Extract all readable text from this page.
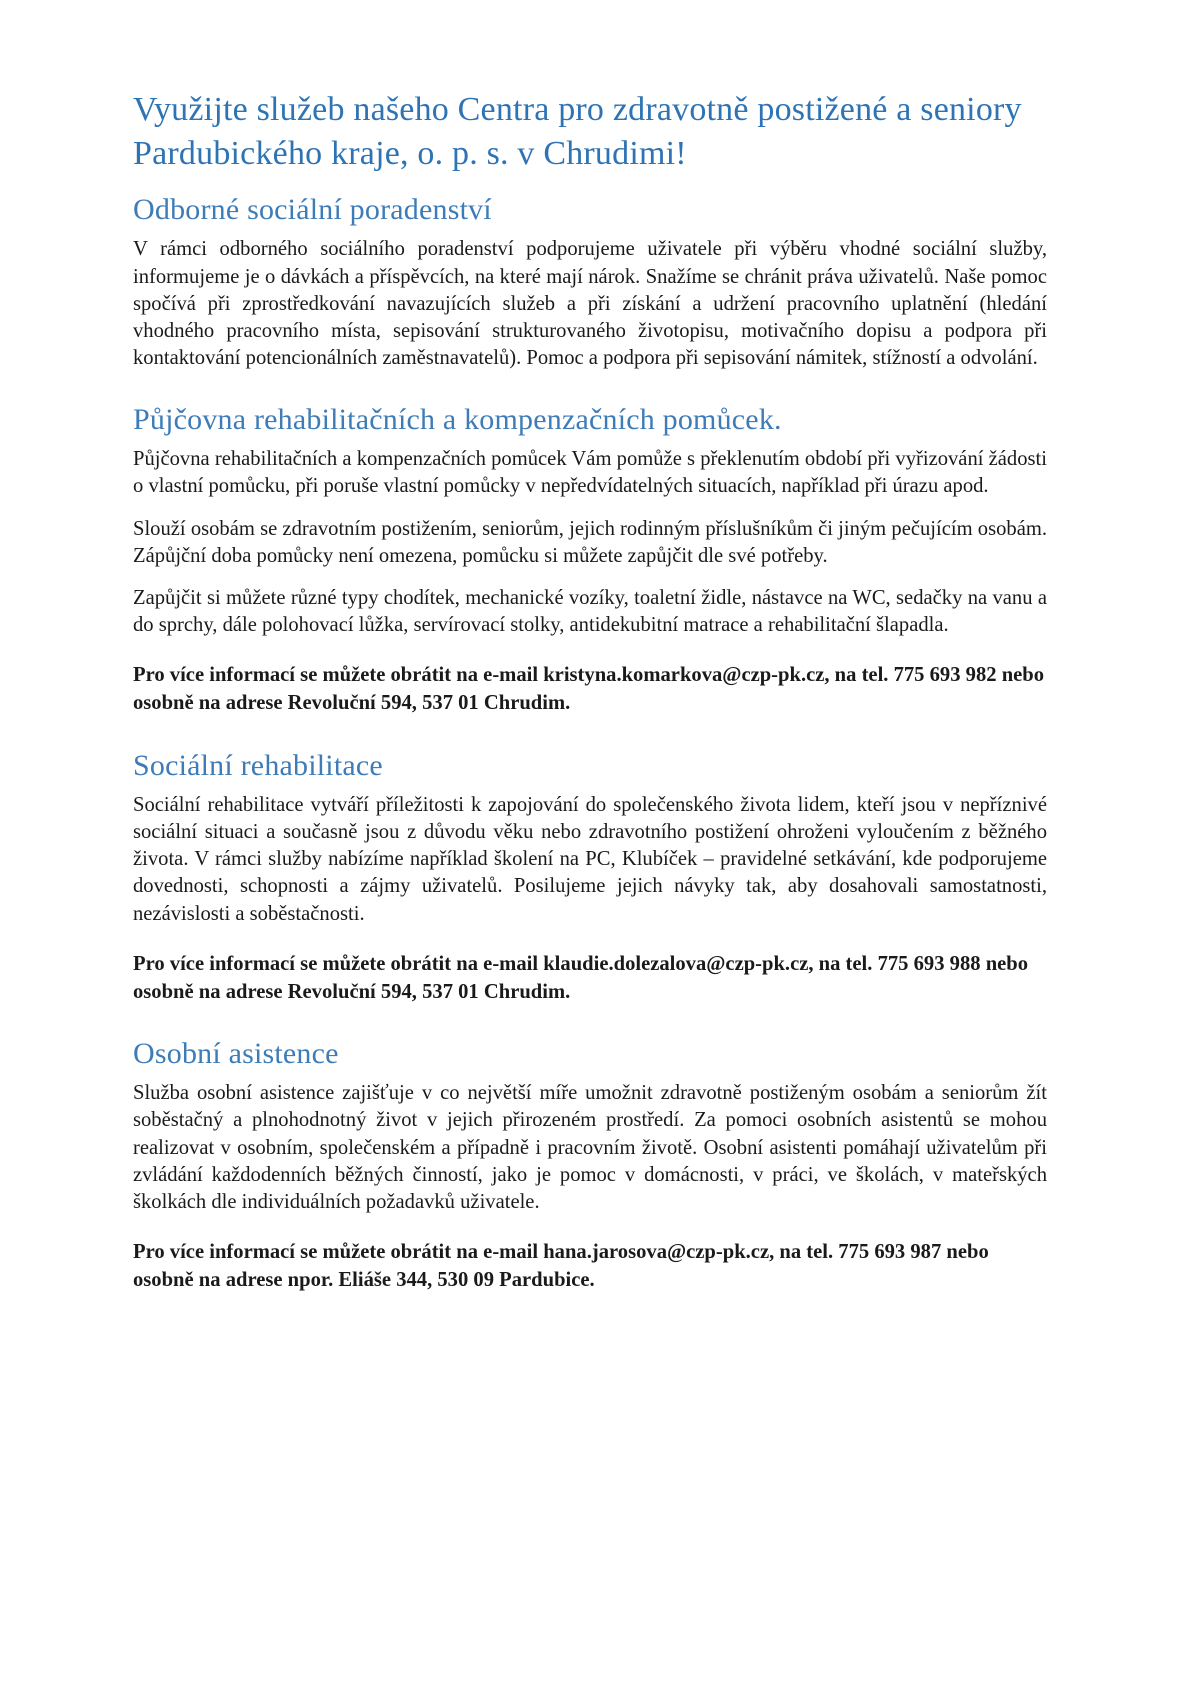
Využijte služeb našeho Centra pro zdravotně postižené a seniory Pardubického kraje, o. p. s. v Chrudimi!
Odborné sociální poradenství

V rámci odborného sociálního poradenství podporujeme uživatele při výběru vhodné sociální služby, informujeme je o dávkách a příspěvcích, na které mají nárok. Snažíme se chránit práva uživatelů. Naše pomoc spočívá při zprostředkování navazujících služeb a při získání a udržení pracovního uplatnění (hledání vhodného pracovního místa, sepisování strukturovaného životopisu, motivačního dopisu a podpora při kontaktování potencionálních zaměstnavatelů). Pomoc a podpora při sepisování námitek, stížností a odvolání.

Půjčovna rehabilitačních a kompenzačních pomůcek.

Půjčovna rehabilitačních a kompenzačních pomůcek Vám pomůže s překlenutím období při vyřizování žádosti o vlastní pomůcku, při poruše vlastní pomůcky v nepředvídatelných situacích, například při úrazu apod.

Slouží osobám se zdravotním postižením, seniorům, jejich rodinným příslušníkům či jiným pečujícím osobám. Zápůjční doba pomůcky není omezena, pomůcku si můžete zapůjčit dle své potřeby.

Zapůjčit si můžete různé typy chodítek, mechanické vozíky, toaletní židle, nástavce na WC, sedačky na vanu a do sprchy, dále polohovací lůžka, servírovací stolky, antidekubitní matrace a rehabilitační šlapadla.

Pro více informací se můžete obrátit na e-mail kristyna.komarkova@czp-pk.cz, na tel. 775 693 982 nebo osobně na adrese Revoluční 594, 537 01 Chrudim.

Sociální rehabilitace

Sociální rehabilitace vytváří příležitosti k zapojování do společenského života lidem, kteří jsou v nepříznivé sociální situaci a současně jsou z důvodu věku nebo zdravotního postižení ohroženi vyloučením z běžného života. V rámci služby nabízíme například školení na PC, Klubíček – pravidelné setkávání, kde podporujeme dovednosti, schopnosti a zájmy uživatelů. Posilujeme jejich návyky tak, aby dosahovali samostatnosti, nezávislosti a soběstačnosti.

Pro více informací se můžete obrátit na e-mail klaudie.dolezalova@czp-pk.cz, na tel. 775 693 988 nebo osobně na adrese Revoluční 594, 537 01 Chrudim.

Osobní asistence

Služba osobní asistence zajišťuje v co největší míře umožnit zdravotně postiženým osobám a seniorům žít soběstačný a plnohodnotný život v jejich přirozeném prostředí. Za pomoci osobních asistentů se mohou realizovat v osobním, společenském a případně i pracovním životě. Osobní asistenti pomáhají uživatelům při zvládání každodenních běžných činností, jako je pomoc v domácnosti, v práci, ve školách, v mateřských školkách dle individuálních požadavků uživatele.

Pro více informací se můžete obrátit na e-mail hana.jarosova@czp-pk.cz, na tel. 775 693 987 nebo osobně na adrese npor. Eliáše 344, 530 09 Pardubice.
